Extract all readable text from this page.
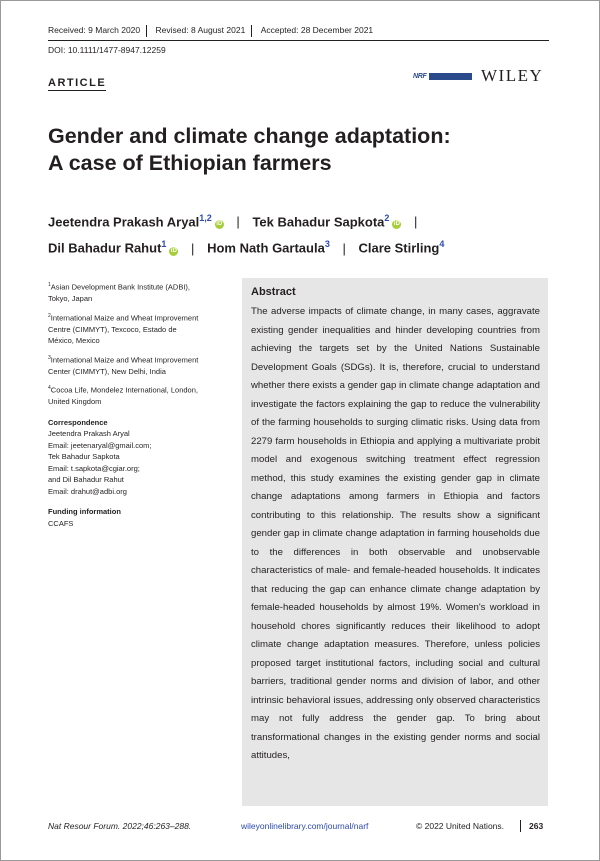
Received: 9 March 2020 Revised: 8 August 2021 Accepted: 28 December 2021
DOI: 10.1111/1477-8947.12259
ARTICLE
NRF	WILEY
Gender and climate change adaptation:
A case of Ethiopian farmers
Jeetendra Prakash Aryal$^{1,2}$iD | Tek Bahadur Sapkota$^2$iD |
Dil Bahadur Rahut$^1$iD | Hom Nath Gartaula$^3$ | Clare Stirling$^4$

$^1$Asian Development Bank Institute (ADBI),
Tokyo, Japan

$^2$International Maize and Wheat Improvement
Centre (CIMMYT), Texcoco, Estado de
México, Mexico

$^3$International Maize and Wheat Improvement
Center (CIMMYT), New Delhi, India

$^4$Cocoa Life, Mondelez International, London,
United Kingdom

Correspondence
Jeetendra Prakash Aryal
Email: jeetenaryal@gmail.com;
Tek Bahadur Sapkota
Email: t.sapkota@cgiar.org;
and Dil Bahadur Rahut
Email: drahut@adbi.org
Funding information
CCAFS
Abstract
The adverse impacts of climate change, in many cases, aggravate existing gender inequalities and hinder developing countries from achieving the targets set by the United Nations Sustainable Development Goals (SDGs). It is, therefore, crucial to understand whether there exists a gender gap in climate change adaptation and investigate the factors explaining the gap to reduce the vulnerability of the farming households to surging climatic risks. Using data from 2279 farm households in Ethiopia and applying a multivariate probit model and exogenous switching treatment effect regression method, this study examines the existing gender gap in climate change adaptations among farmers in Ethiopia and factors contributing to this relationship. The results show a significant gender gap in climate change adaptation in farming households due to the differences in both observable and unobservable characteristics of male- and female-headed households. It indicates that reducing the gap can enhance climate change adaptation by female-headed households by almost 19%. Women's workload in household chores significantly reduces their likelihood to adopt climate change adaptation measures. Therefore, unless policies proposed target institutional factors, including social and cultural barriers, traditional gender norms and division of labor, and other intrinsic behavioral issues, addressing only observed characteristics may not fully address the gender gap. To bring about transformational changes in the existing gender norms and social attitudes,
Nat Resour Forum. 2022;46:263–288.	wileyonlinelibrary.com/journal/narf	© 2022 United Nations.	263
